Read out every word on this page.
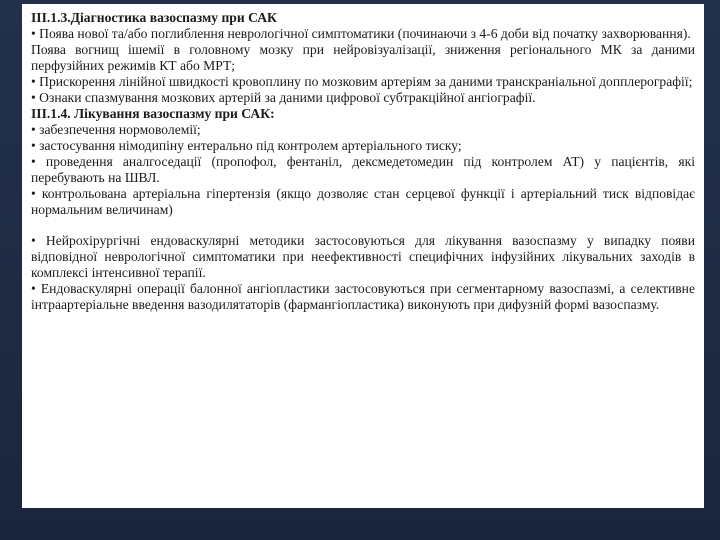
ІІІ.1.3.Діагностика вазоспазму при САК

• Поява нової та/або поглиблення неврологічної симптоматики (починаючи з 4-6 доби від початку захворювання).

Поява вогнищ ішемії в головному мозку при нейровізуалізації, зниження регіонального МК за даними перфузійних режимів КТ або МРТ;

• Прискорення лінійної швидкості кровоплину по мозковим артеріям за даними транскраніальної допплерографії;

• Ознаки спазмування мозкових артерій за даними цифрової субтракційної ангіографії.

ІІІ.1.4. Лікування вазоспазму при САК:

• забезпечення нормоволемії;

• застосування німодипіну ентерально під контролем артеріального тиску;

• проведення аналгоседації (пропофол, фентаніл, дексмедетомедин під контролем АТ) у пацієнтів, які перебувають на ШВЛ.

• контрольована артеріальна гіпертензія (якщо дозволяє стан серцевої функції і артеріальний тиск відповідає нормальним величинам)

• Нейрохірургічні ендоваскулярні методики застосовуються для лікування вазоспазму у випадку появи відповідної неврологічної симптоматики при неефективності специфічних інфузійних лікувальних заходів в комплексі інтенсивної терапії.

• Ендоваскулярні операції балонної ангіопластики застосовуються при сегментарному вазоспазмі, а селективне інтраартеріальне введення вазодилятаторів (фармангіопластика) виконують при дифузній формі вазоспазму.
